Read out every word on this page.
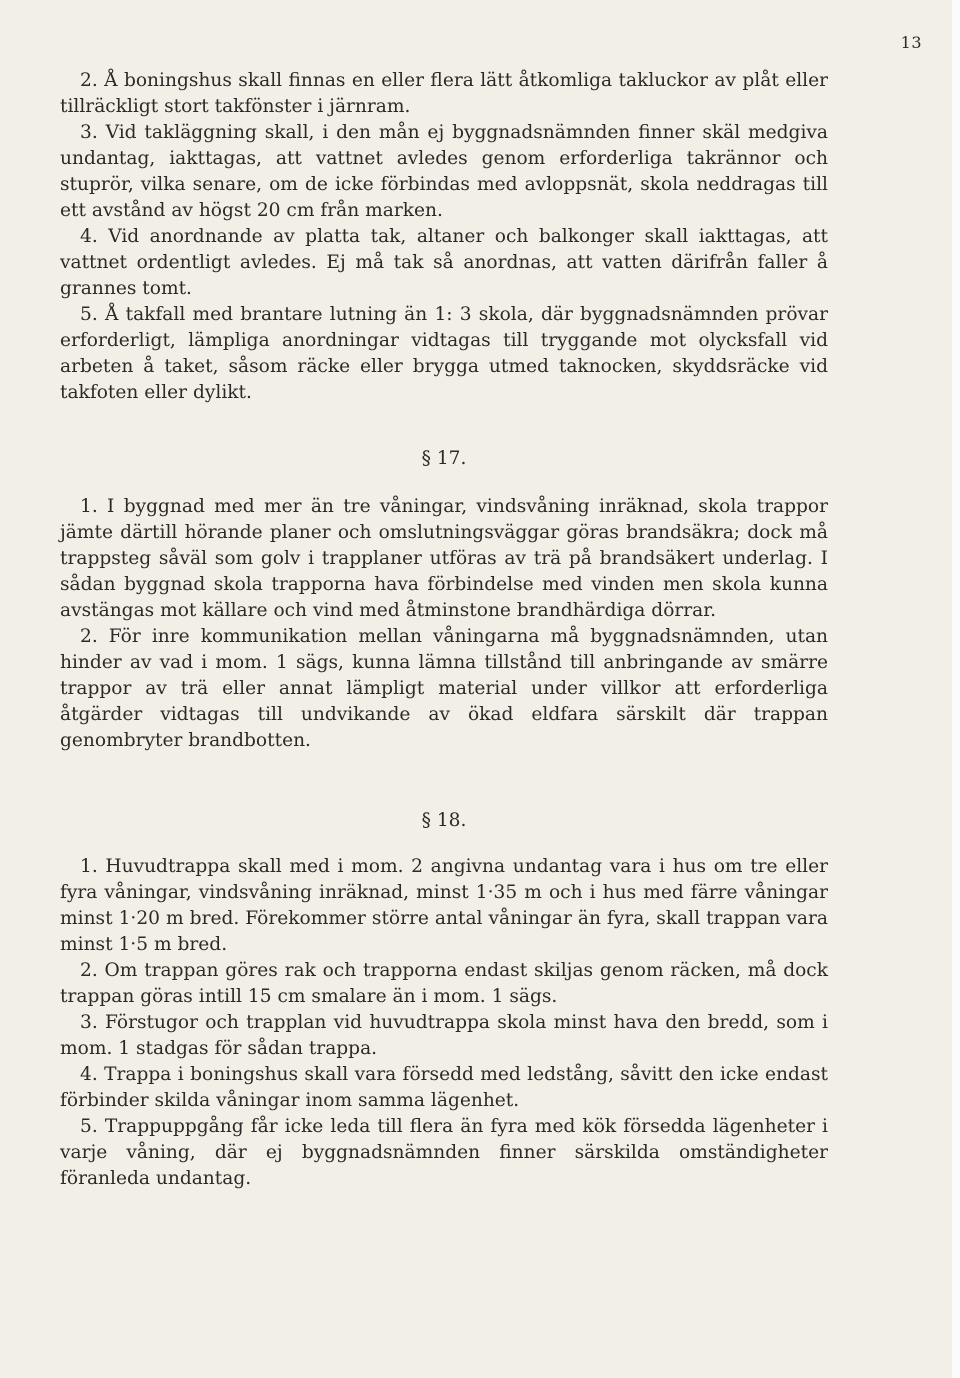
13

2. Å boningshus skall finnas en eller flera lätt åtkomliga takluckor av plåt eller tillräckligt stort takfönster i järnram.

3. Vid takläggning skall, i den mån ej byggnadsnämnden finner skäl medgiva undantag, iakttagas, att vattnet avledes genom erforderliga takrännor och stuprör, vilka senare, om de icke förbindas med avloppsnät, skola neddragas till ett avstånd av högst 20 cm från marken.

4. Vid anordnande av platta tak, altaner och balkonger skall iakttagas, att vattnet ordentligt avledes. Ej må tak så anordnas, att vatten därifrån faller å grannes tomt.

5. Å takfall med brantare lutning än 1: 3 skola, där byggnadsnämnden prövar erforderligt, lämpliga anordningar vidtagas till tryggande mot olycksfall vid arbeten å taket, såsom räcke eller brygga utmed taknocken, skyddsräcke vid takfoten eller dylikt.

§ 17.

1. I byggnad med mer än tre våningar, vindsvåning inräknad, skola trappor jämte därtill hörande planer och omslutningsväggar göras brandsäkra; dock må trappsteg såväl som golv i trapplaner utföras av trä på brandsäkert underlag. I sådan byggnad skola trapporna hava förbindelse med vinden men skola kunna avstängas mot källare och vind med åtminstone brandhärdiga dörrar.

2. För inre kommunikation mellan våningarna må byggnadsnämnden, utan hinder av vad i mom. 1 sägs, kunna lämna tillstånd till anbringande av smärre trappor av trä eller annat lämpligt material under villkor att erforderliga åtgärder vidtagas till undvikande av ökad eldfara särskilt där trappan genombryter brandbotten.

§ 18.

1. Huvudtrappa skall med i mom. 2 angivna undantag vara i hus om tre eller fyra våningar, vindsvåning inräknad, minst 1·35 m och i hus med färre våningar minst 1·20 m bred. Förekommer större antal våningar än fyra, skall trappan vara minst 1·5 m bred.

2. Om trappan göres rak och trapporna endast skiljas genom räcken, må dock trappan göras intill 15 cm smalare än i mom. 1 sägs.

3. Förstugor och trapplan vid huvudtrappa skola minst hava den bredd, som i mom. 1 stadgas för sådan trappa.

4. Trappa i boningshus skall vara försedd med ledstång, såvitt den icke endast förbinder skilda våningar inom samma lägenhet.

5. Trappuppgång får icke leda till flera än fyra med kök försedda lägenheter i varje våning, där ej byggnadsnämnden finner särskilda omständigheter föranleda undantag.
